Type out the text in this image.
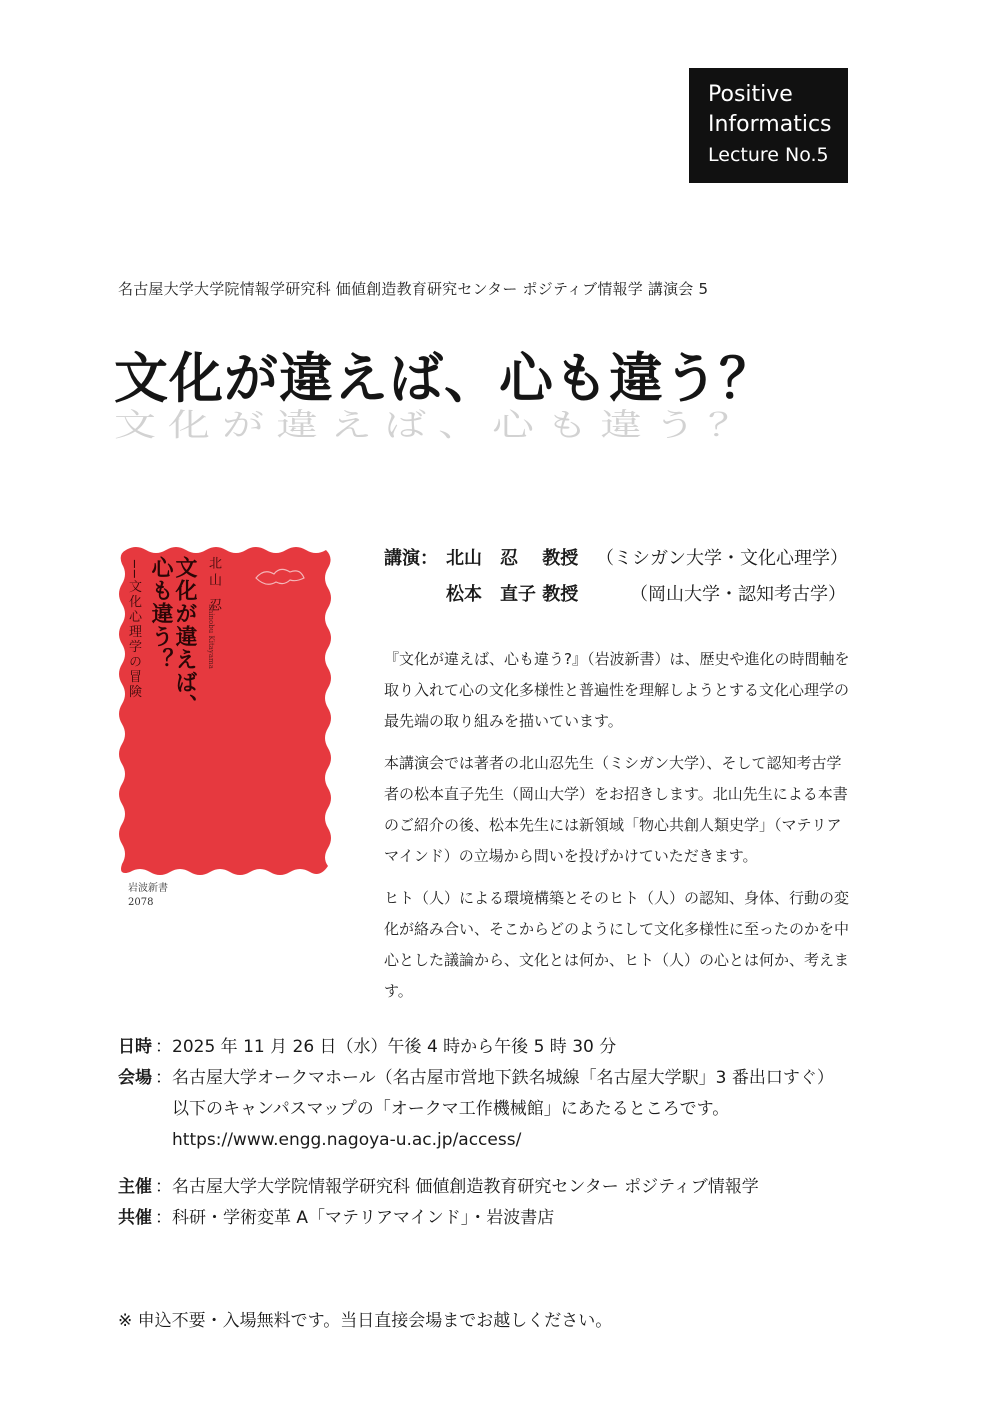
Positive
Informatics
Lecture No.5
名古屋大学大学院情報学研究科 価値創造教育研究センター ポジティブ情報学 講演会 5
文化が違えば、心も違う？
文化が違えば、心も違う？
北山 忍
Shinobu Kitayama
文化が違えば、
心も違う？
──文化心理学の冒険
岩波新書
2078
講演： 北山　忍　 教授 （ミシガン大学・文化心理学）
松本　直子 教授	（岡山大学・認知考古学）

『文化が違えば、心も違う?』（岩波新書）は、歴史や進化の時間軸を取り入れて心の文化多様性と普遍性を理解しようとする文化心理学の最先端の取り組みを描いています。

本講演会では著者の北山忍先生（ミシガン大学）、そして認知考古学者の松本直子先生（岡山大学）をお招きします。北山先生による本書のご紹介の後、松本先生には新領域「物心共創人類史学」（マテリアマインド）の立場から問いを投げかけていただきます。

ヒト（人）による環境構築とそのヒト（人）の認知、身体、行動の変化が絡み合い、そこからどのようにして文化多様性に至ったのかを中心とした議論から、文化とは何か、ヒト（人）の心とは何か、考えます。

日時 ： 2025 年 11 月 26 日（水）午後 4 時から午後 5 時 30 分
会場 ： 名古屋大学オークマホール（名古屋市営地下鉄名城線「名古屋大学駅」3 番出口すぐ）
以下のキャンパスマップの「オークマ工作機械館」にあたるところです。
https://www.engg.nagoya-u.ac.jp/access/
主催 ： 名古屋大学大学院情報学研究科 価値創造教育研究センター ポジティブ情報学
共催 ： 科研・学術変革 A「マテリアマインド」・岩波書店
※ 申込不要・入場無料です。当日直接会場までお越しください。
